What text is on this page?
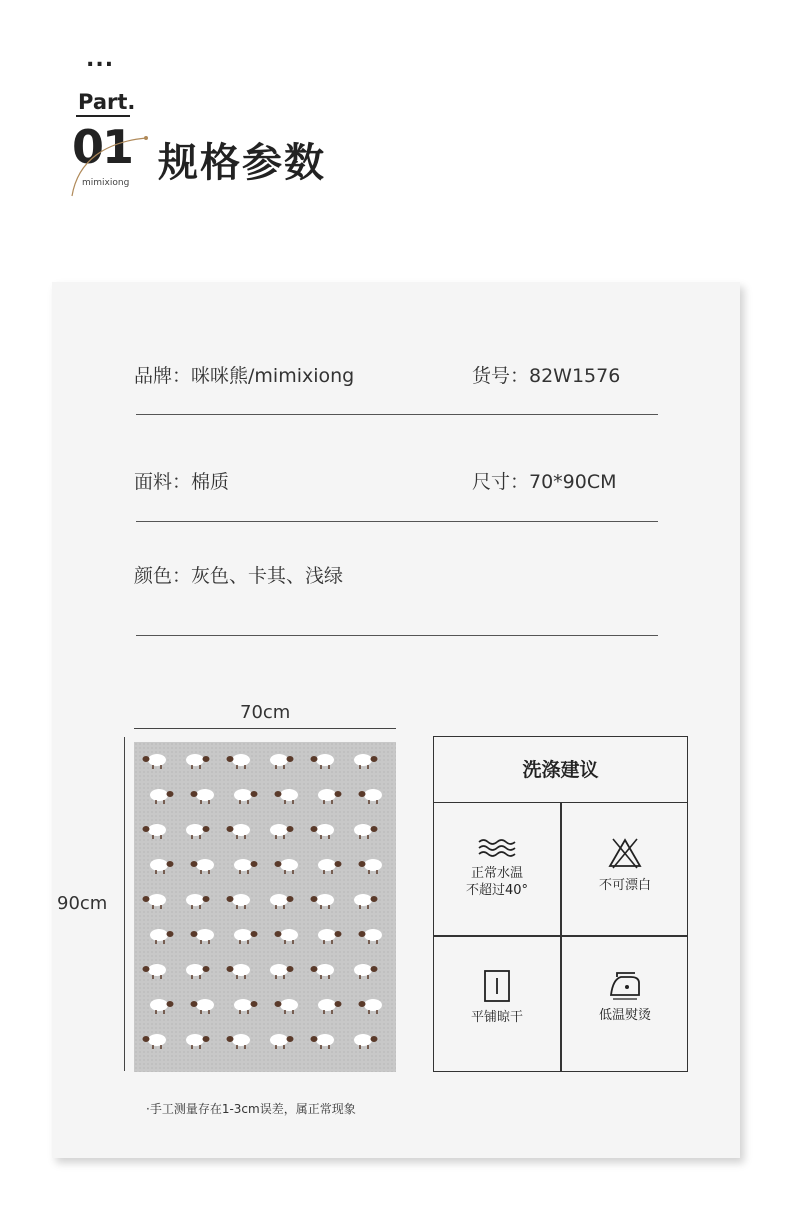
...
Part.
01
mimixiong 规格参数
品牌：咪咪熊/mimixiong	货号：82W1576
面料：棉质	尺寸：70*90CM
颜色：灰色、卡其、浅绿
70cm
90cm
·手工测量存在1-3cm误差，属正常现象
洗涤建议
正常水温
不超过40°	不可漂白
平铺晾干	低温熨烫
